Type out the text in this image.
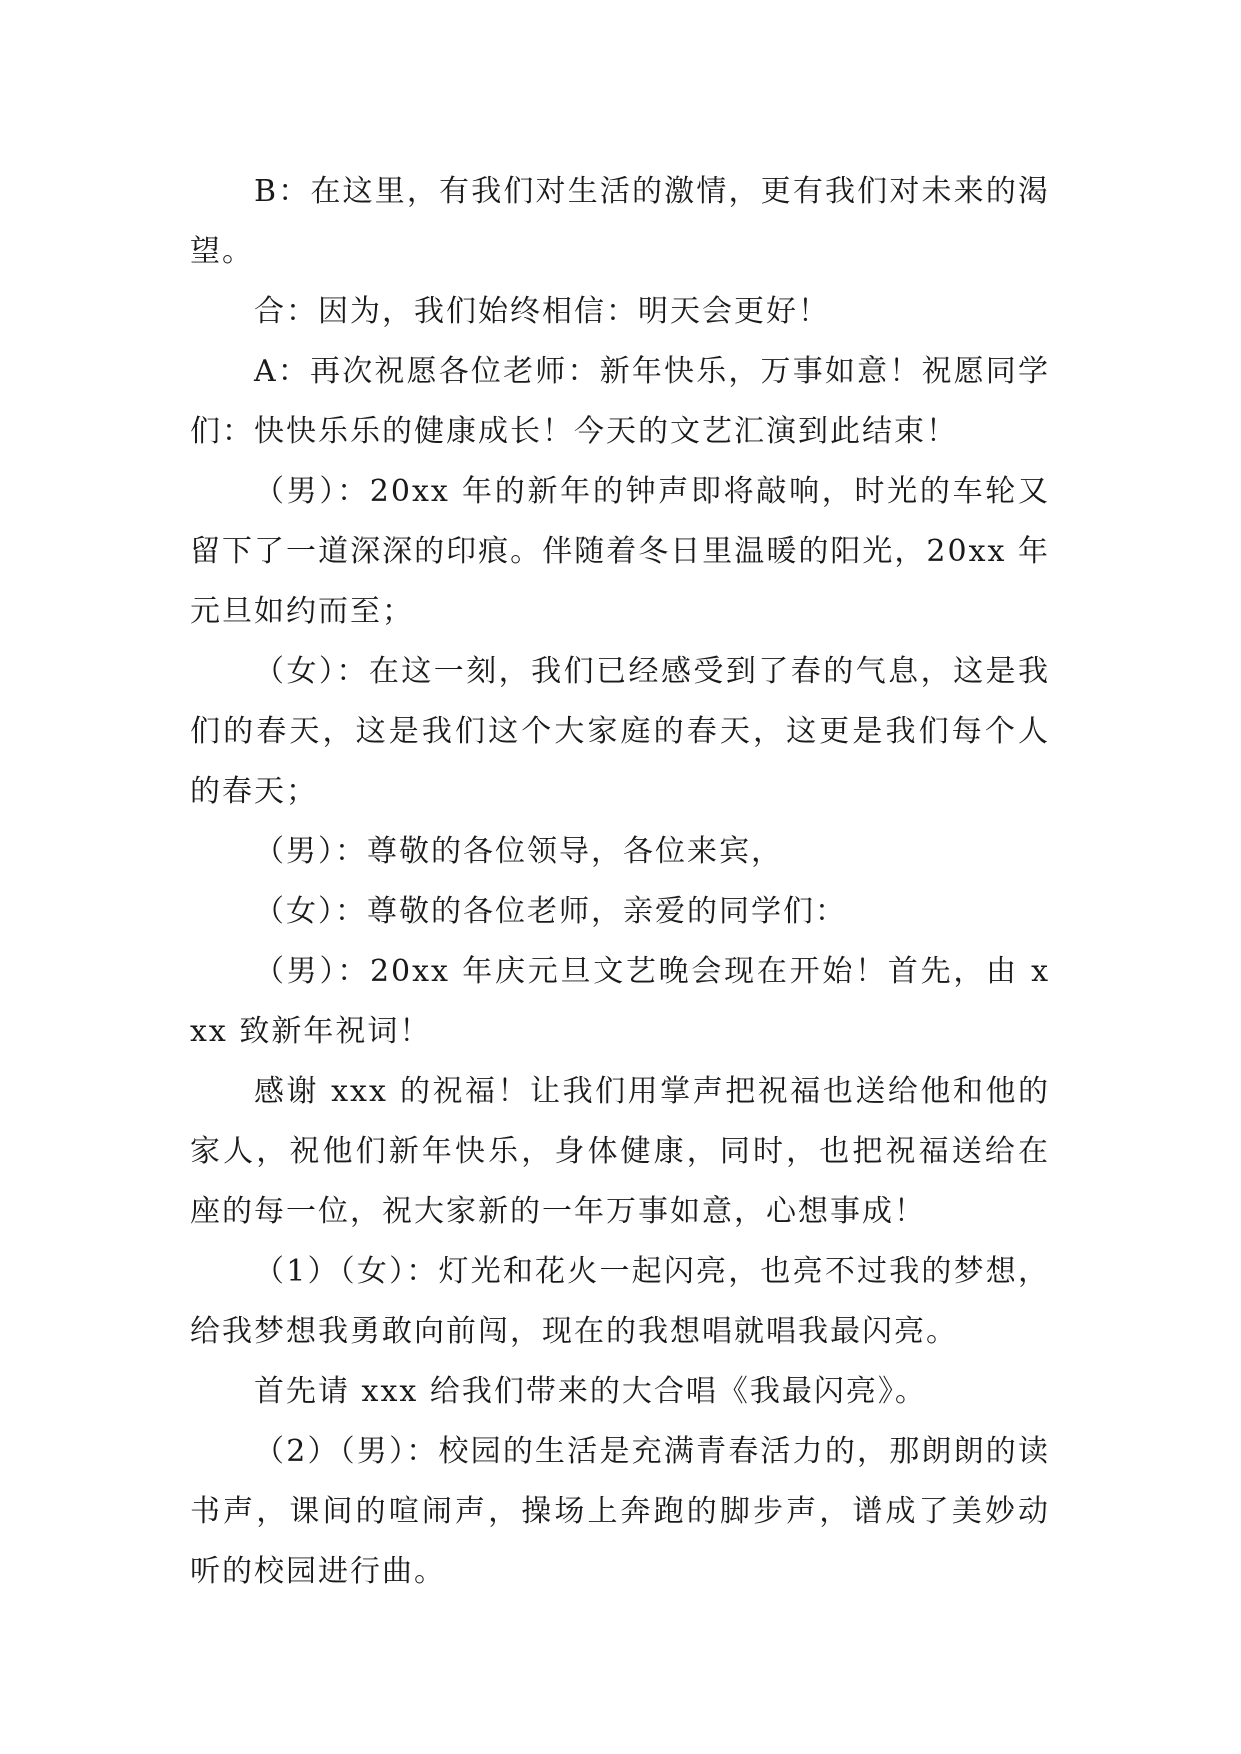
B：在这里，有我们对生活的激情，更有我们对未来的渴望。

合：因为，我们始终相信：明天会更好！

A：再次祝愿各位老师：新年快乐，万事如意！祝愿同学们：快快乐乐的健康成长！今天的文艺汇演到此结束！

（男）：20xx 年的新年的钟声即将敲响，时光的车轮又留下了一道深深的印痕。伴随着冬日里温暖的阳光，20xx 年元旦如约而至；

（女）：在这一刻，我们已经感受到了春的气息，这是我们的春天，这是我们这个大家庭的春天，这更是我们每个人的春天；

（男）：尊敬的各位领导，各位来宾，

（女）：尊敬的各位老师，亲爱的同学们：

（男）：20xx 年庆元旦文艺晚会现在开始！首先，由 xxx 致新年祝词！

感谢 xxx 的祝福！让我们用掌声把祝福也送给他和他的家人，祝他们新年快乐，身体健康，同时，也把祝福送给在座的每一位，祝大家新的一年万事如意，心想事成！

（1）（女）：灯光和花火一起闪亮，也亮不过我的梦想，给我梦想我勇敢向前闯，现在的我想唱就唱我最闪亮。

首先请 xxx 给我们带来的大合唱《我最闪亮》。

（2）（男）：校园的生活是充满青春活力的，那朗朗的读书声，课间的喧闹声，操场上奔跑的脚步声，谱成了美妙动听的校园进行曲。
